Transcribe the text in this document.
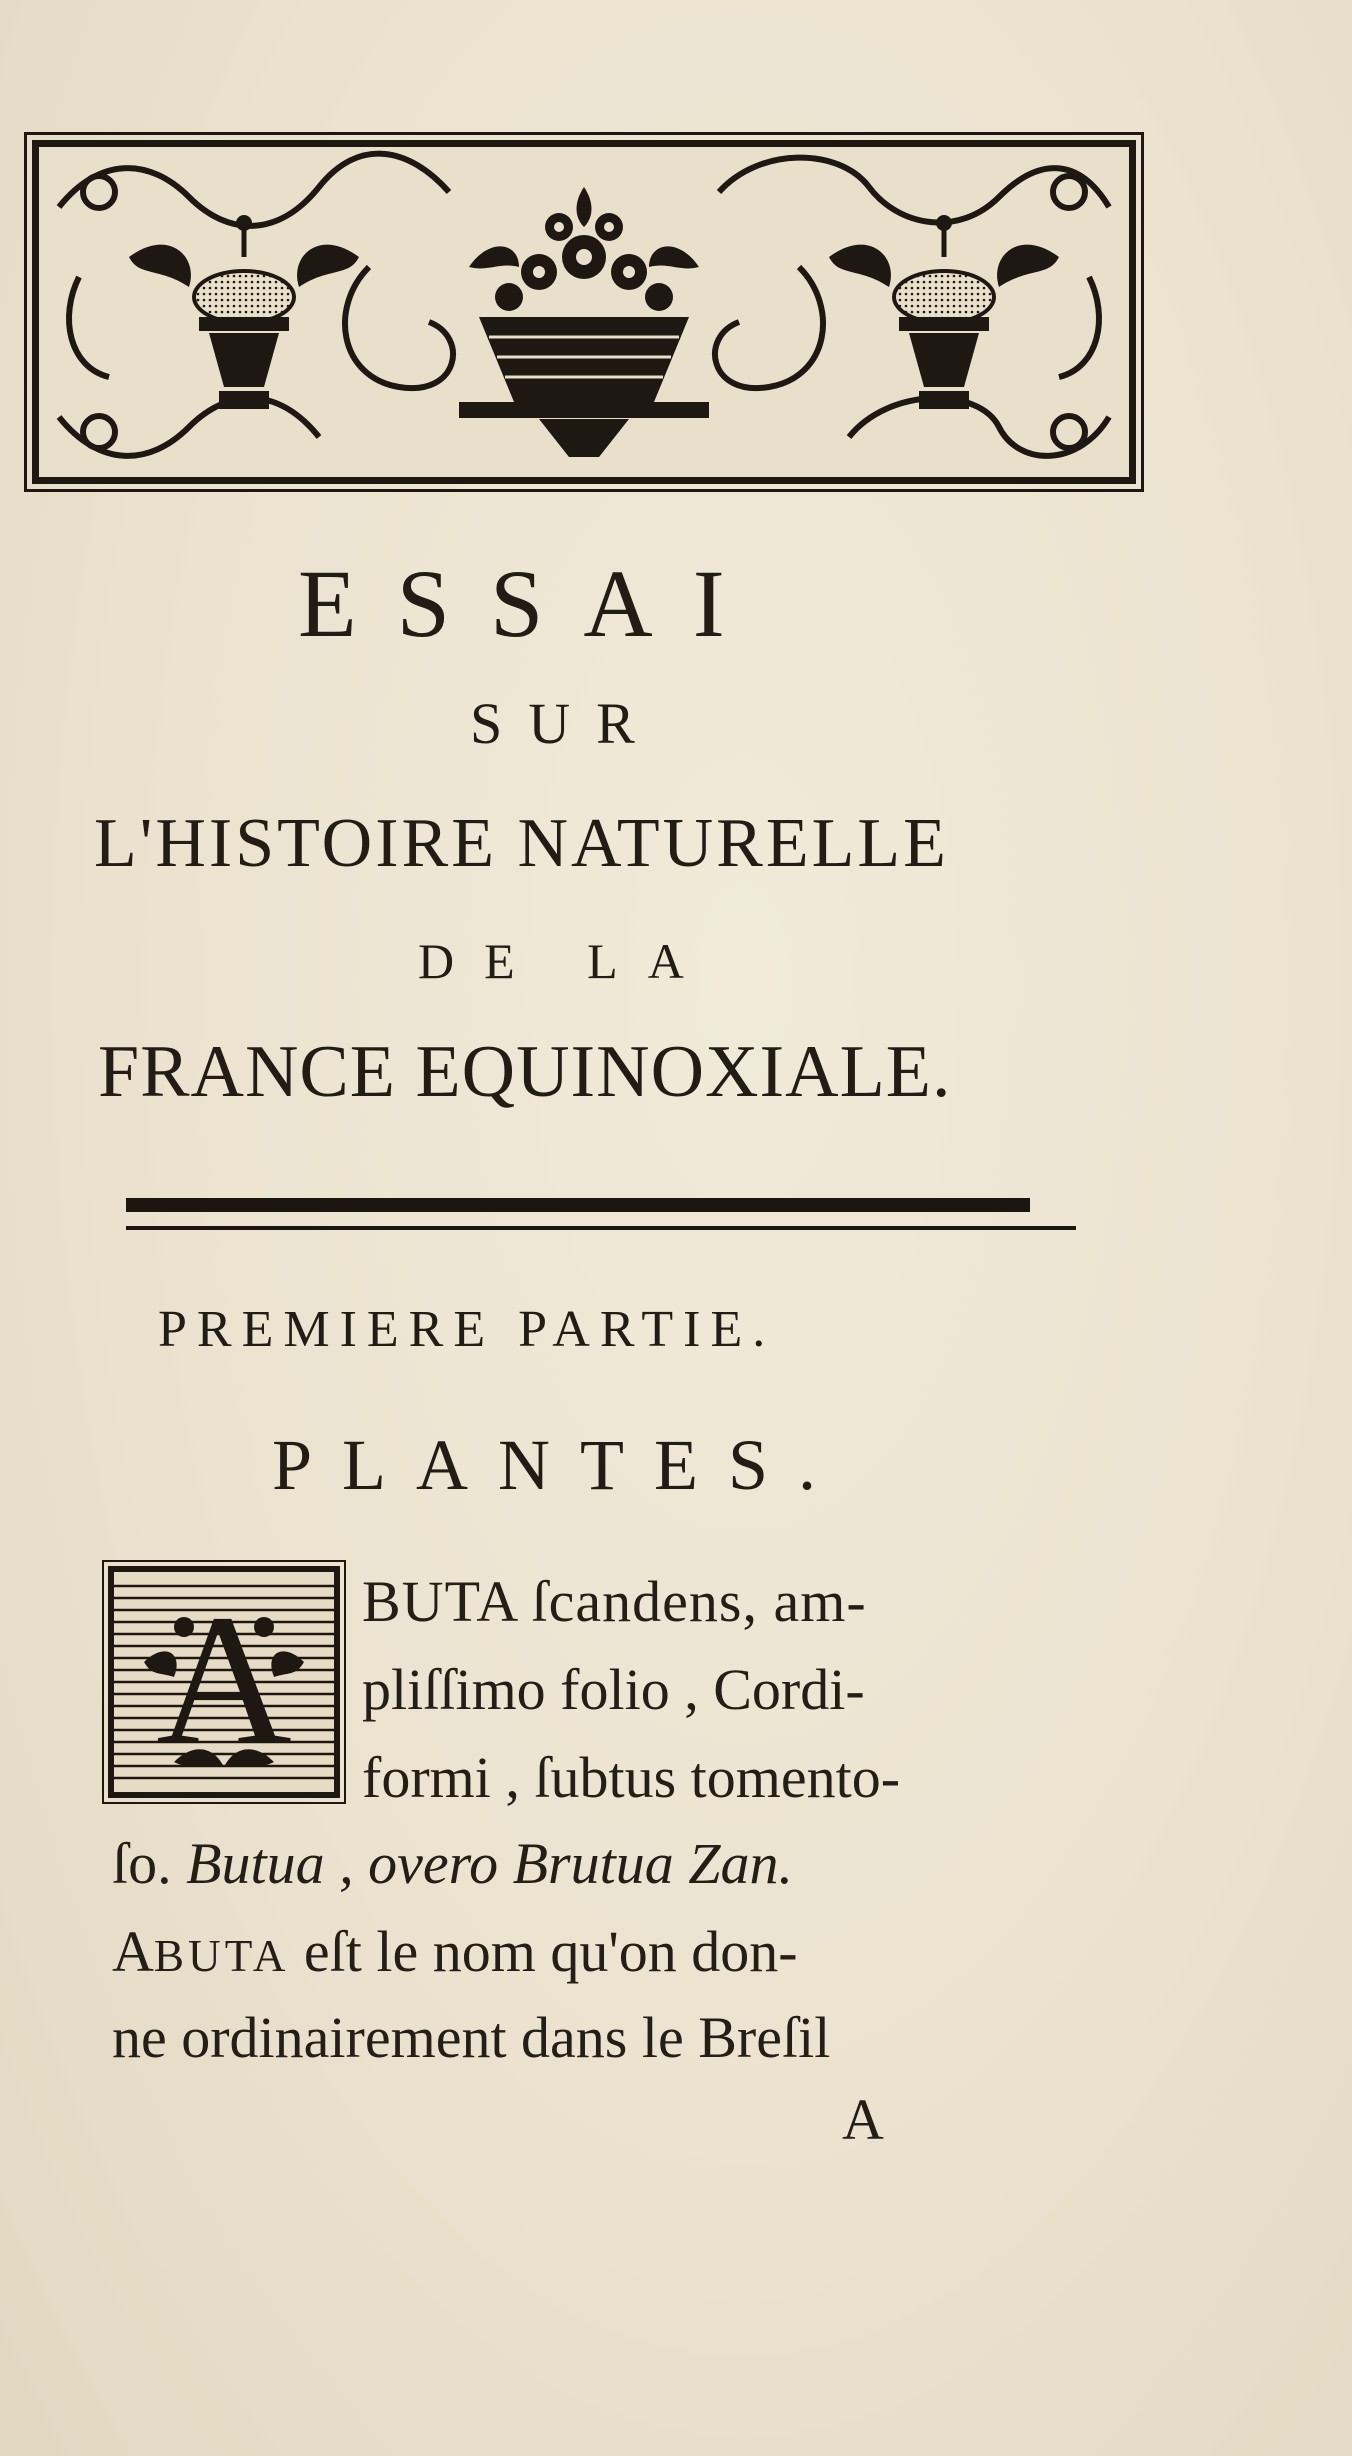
ESSAI
SUR
L'HISTOIRE NATURELLE
DE LA
FRANCE EQUINOXIALE.
PREMIERE PARTIE.
PLANTES.
A	BUTA ſcandens, am-
pliſſimo folio , Cordi-
formi , ſubtus tomento-
ſo. Butua , overo Brutua Zan.
ABUTA eſt le nom qu'on don-
ne ordinairement dans le Breſil
A
